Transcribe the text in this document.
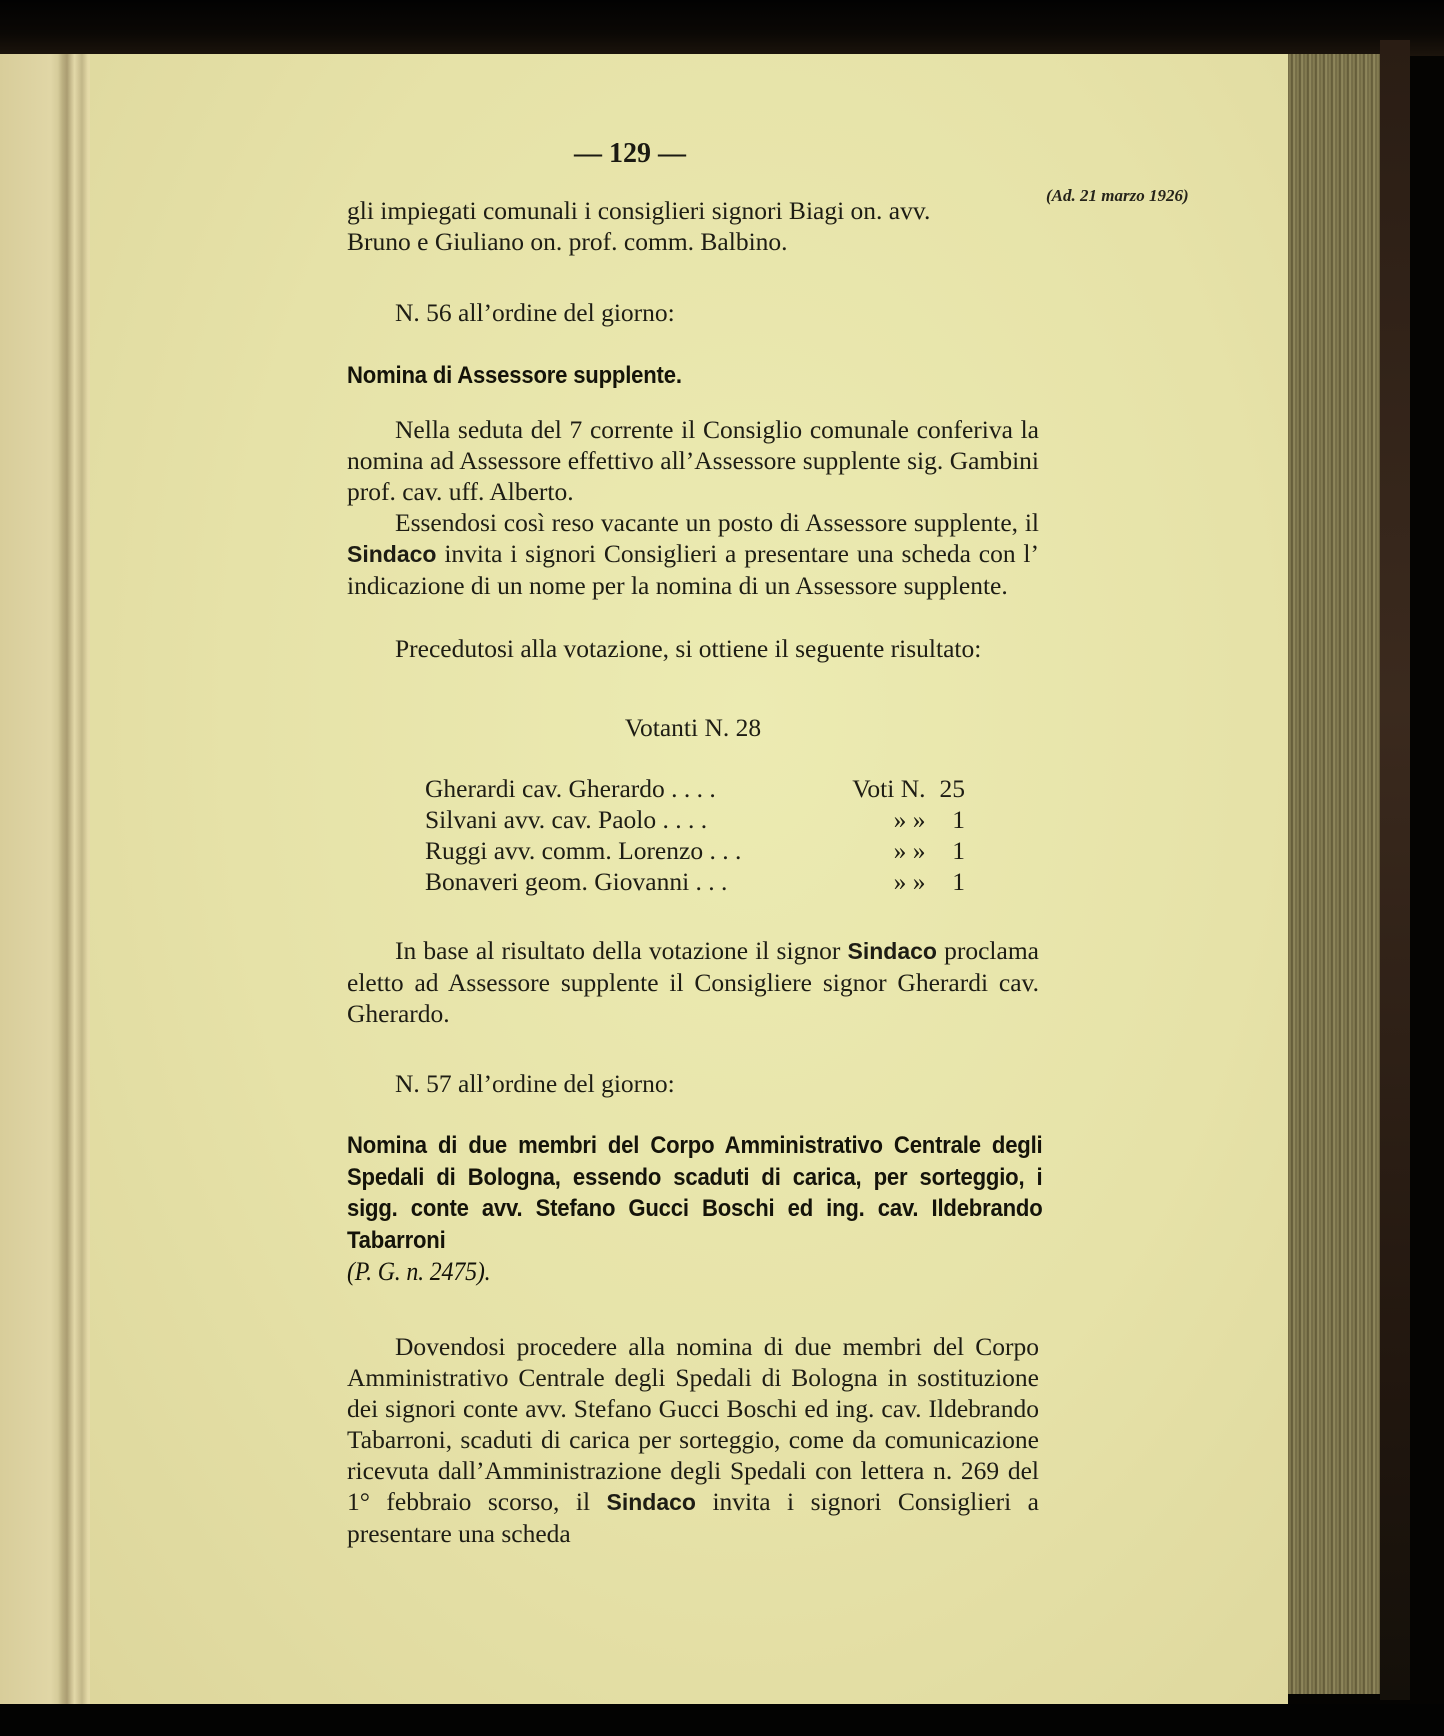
— 129 —
(Ad. 21 marzo 1926)
gli impiegati comunali i consiglieri signori Biagi on. avv.
Bruno e Giuliano on. prof. comm. Balbino.
N. 56 all’ordine del giorno:
Nomina di Assessore supplente.
Nella seduta del 7 corrente il Consiglio comunale conferiva la nomina ad Assessore effettivo all’Assessore supplente sig. Gambini prof. cav. uff. Alberto.
Essendosi così reso vacante un posto di Assessore supplente, il Sindaco invita i signori Consiglieri a presentare una scheda con l’ indicazione di un nome per la nomina di un Assessore supplente.
Precedutosi alla votazione, si ottiene il seguente risultato:
Votanti N. 28
Gherardi cav. Gherardo . . . .	Voti N.	25
Silvani avv. cav. Paolo . . . .	» »	1
Ruggi avv. comm. Lorenzo . . .	» »	1
Bonaveri geom. Giovanni . . .	» »	1
In base al risultato della votazione il signor Sindaco proclama eletto ad Assessore supplente il Consigliere signor Gherardi cav. Gherardo.
N. 57 all’ordine del giorno:
Nomina di due membri del Corpo Amministrativo Centrale degli Spedali di Bologna, essendo scaduti di carica, per sorteggio, i sigg. conte avv. Stefano Gucci Boschi ed ing. cav. Ildebrando Tabarroni
(P. G. n. 2475).
Dovendosi procedere alla nomina di due membri del Corpo Amministrativo Centrale degli Spedali di Bologna in sostituzione dei signori conte avv. Stefano Gucci Boschi ed ing. cav. Ildebrando Tabarroni, scaduti di carica per sorteggio, come da comunicazione ricevuta dall’Amministrazione degli Spedali con lettera n. 269 del 1° febbraio scorso, il Sindaco invita i signori Consiglieri a presentare una scheda
